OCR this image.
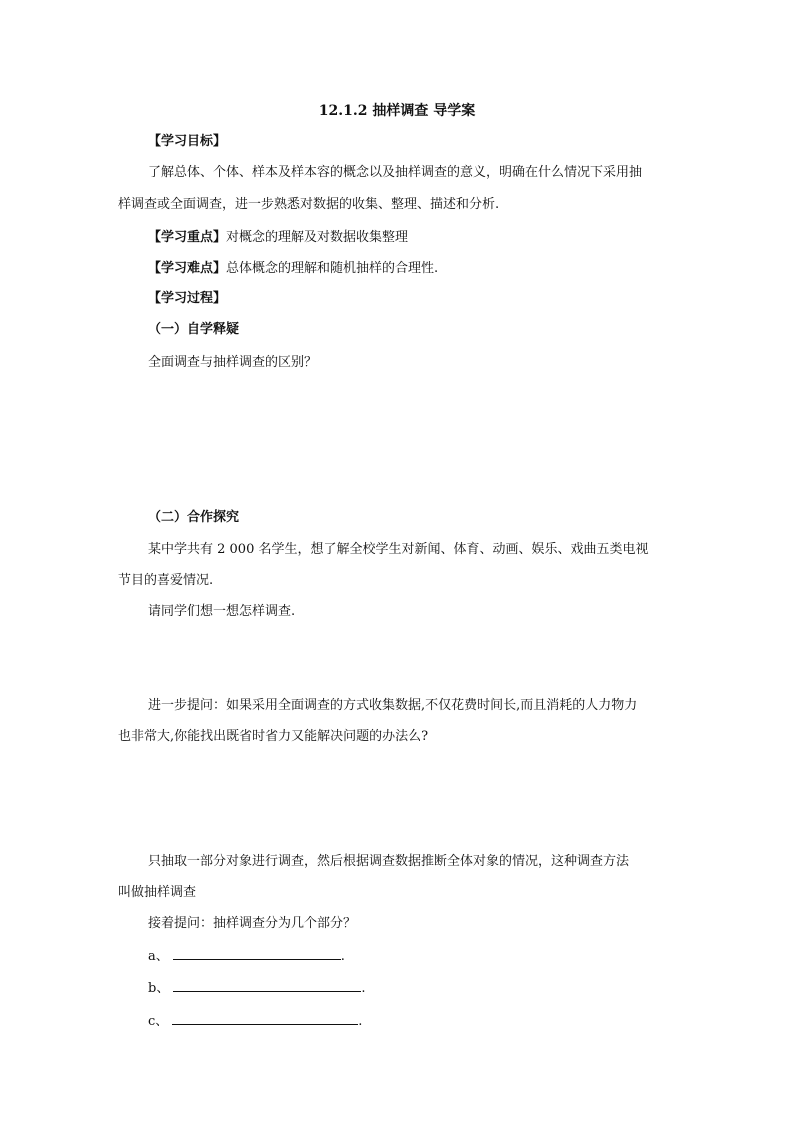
12.1.2 抽样调查 导学案
【学习目标】
了解总体、个体、样本及样本容的概念以及抽样调查的意义，明确在什么情况下采用抽
样调查或全面调查，进一步熟悉对数据的收集、整理、描述和分析.
【学习重点】对概念的理解及对数据收集整理
【学习难点】总体概念的理解和随机抽样的合理性.
【学习过程】
（一）自学释疑
全面调查与抽样调查的区别？
（二）合作探究
某中学共有 2 000 名学生，想了解全校学生对新闻、体育、动画、娱乐、戏曲五类电视
节目的喜爱情况.
请同学们想一想怎样调查.
进一步提问：如果采用全面调查的方式收集数据,不仅花费时间长,而且消耗的人力物力
也非常大,你能找出既省时省力又能解决问题的办法么?
只抽取一部分对象进行调查，然后根据调查数据推断全体对象的情况，这种调查方法
叫做抽样调查
接着提问：抽样调查分为几个部分？
a、	.
b、	.
c、	.
